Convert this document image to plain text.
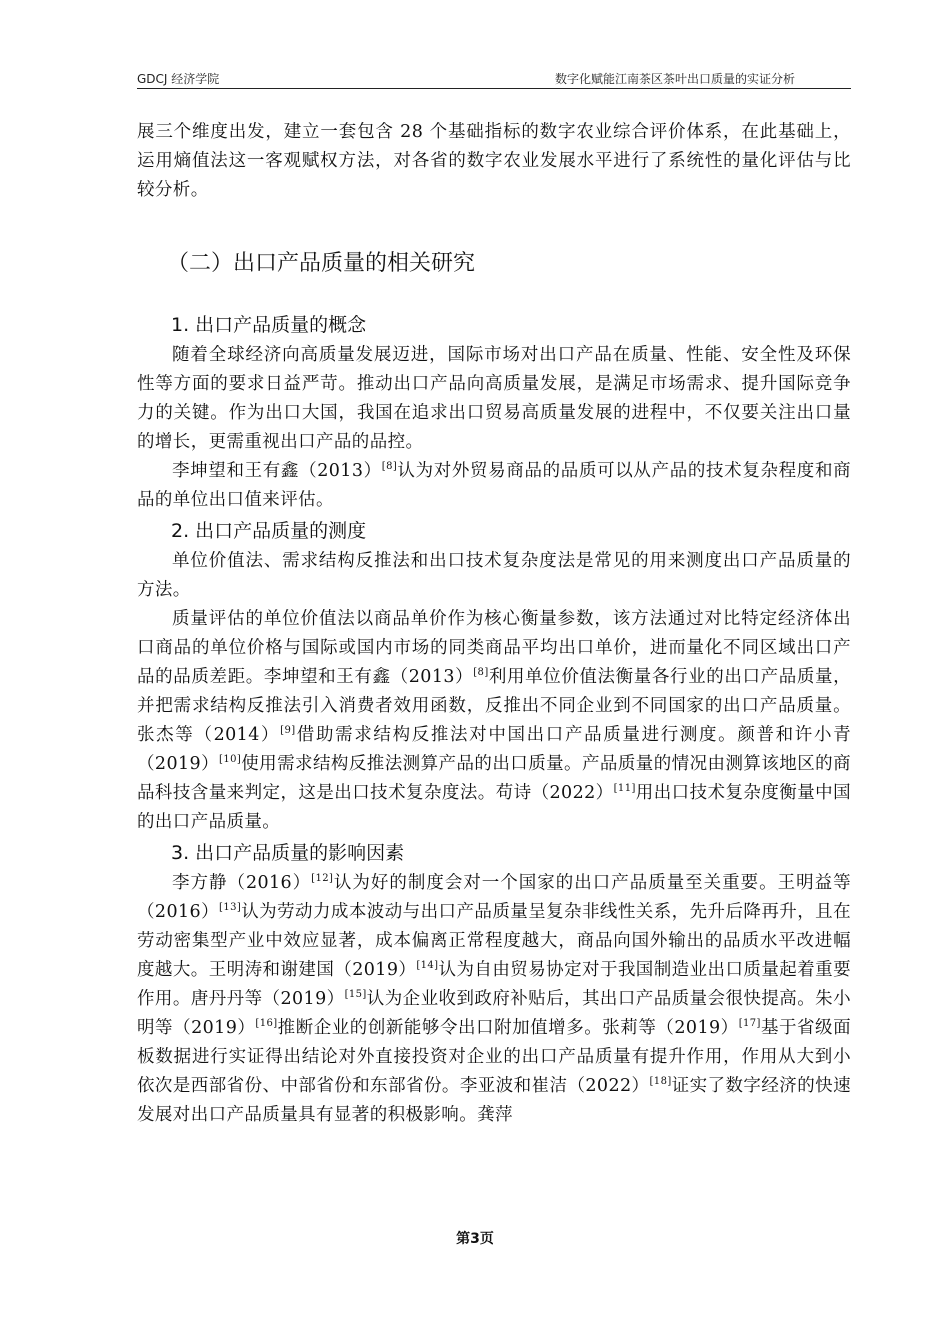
GDCJ 经济学院	数字化赋能江南茶区茶叶出口质量的实证分析

展三个维度出发，建立一套包含 28 个基础指标的数字农业综合评价体系，在此基础上，运用熵值法这一客观赋权方法，对各省的数字农业发展水平进行了系统性的量化评估与比较分析。

（二）出口产品质量的相关研究
1. 出口产品质量的概念

随着全球经济向高质量发展迈进，国际市场对出口产品在质量、性能、安全性及环保性等方面的要求日益严苛。推动出口产品向高质量发展，是满足市场需求、提升国际竞争力的关键。作为出口大国，我国在追求出口贸易高质量发展的进程中，不仅要关注出口量的增长，更需重视出口产品的品控。

李坤望和王有鑫（2013）[8]认为对外贸易商品的品质可以从产品的技术复杂程度和商品的单位出口值来评估。

2. 出口产品质量的测度

单位价值法、需求结构反推法和出口技术复杂度法是常见的用来测度出口产品质量的方法。

质量评估的单位价值法以商品单价作为核心衡量参数，该方法通过对比特定经济体出口商品的单位价格与国际或国内市场的同类商品平均出口单价，进而量化不同区域出口产品的品质差距。李坤望和王有鑫（2013）[8]利用单位价值法衡量各行业的出口产品质量，并把需求结构反推法引入消费者效用函数，反推出不同企业到不同国家的出口产品质量。张杰等（2014）[9]借助需求结构反推法对中国出口产品质量进行测度。颜普和许小青（2019）[10]使用需求结构反推法测算产品的出口质量。产品质量的情况由测算该地区的商品科技含量来判定，这是出口技术复杂度法。苟诗（2022）[11]用出口技术复杂度衡量中国的出口产品质量。

3. 出口产品质量的影响因素

李方静（2016）[12]认为好的制度会对一个国家的出口产品质量至关重要。王明益等（2016）[13]认为劳动力成本波动与出口产品质量呈复杂非线性关系，先升后降再升，且在劳动密集型产业中效应显著，成本偏离正常程度越大，商品向国外输出的品质水平改进幅度越大。王明涛和谢建国（2019）[14]认为自由贸易协定对于我国制造业出口质量起着重要作用。唐丹丹等（2019）[15]认为企业收到政府补贴后，其出口产品质量会很快提高。朱小明等（2019）[16]推断企业的创新能够令出口附加值增多。张莉等（2019）[17]基于省级面板数据进行实证得出结论对外直接投资对企业的出口产品质量有提升作用，作用从大到小依次是西部省份、中部省份和东部省份。李亚波和崔洁（2022）[18]证实了数字经济的快速发展对出口产品质量具有显著的积极影响。龚萍

第3页
